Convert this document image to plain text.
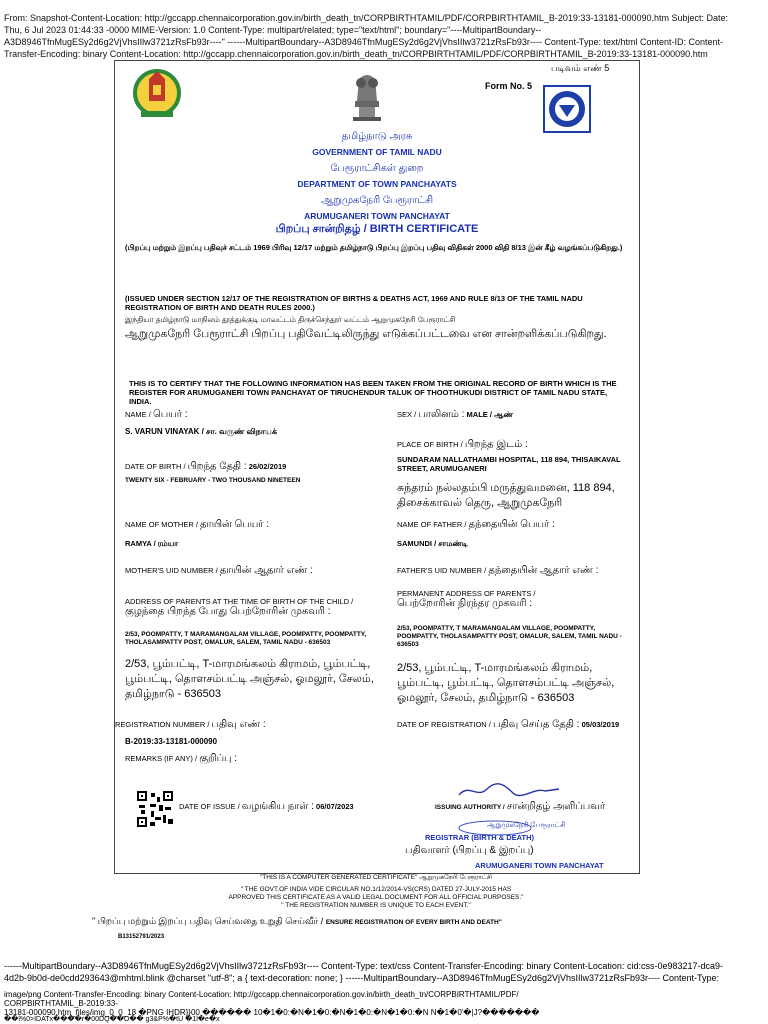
From: Snapshot-Content-Location: http://gccapp.chennaicorporation.gov.in/birth_death_tn/CORPBIRTHTAMIL/PDF/CORPBIRTHTAMIL_B-2019:33-13181-000090.htm Subject: Date:
Thu, 6 Jul 2023 01:44:33 -0000 MIME-Version: 1.0 Content-Type: multipart/related; type="text/html"; boundary="----MultipartBoundary--
A3D8946TfnMugESy2d6g2VjVhsIIlw3721zRsFb93r----" ------MultipartBoundary--A3D8946TfnMugESy2d6g2VjVhsIIlw3721zRsFb93r---- Content-Type: text/html Content-ID: Content-
Transfer-Encoding: binary Content-Location: http://gccapp.chennaicorporation.gov.in/birth_death_tn/CORPBIRTHTAMIL/PDF/CORPBIRTHTAMIL_B-2019:33-13181-000090.htm
படிவம் எண் 5
Form No. 5
தமிழ்நாடு அரசு
GOVERNMENT OF TAMIL NADU
பேரூராட்சிகள் துறை
DEPARTMENT OF TOWN PANCHAYATS
ஆறுமுகநேரி பேரூராட்சி
ARUMUGANERI TOWN PANCHAYAT
பிறப்பு சான்றிதழ் / BIRTH CERTIFICATE
(பிறப்பு மற்றும் இறப்பு பதிவுச் சட்டம் 1969 பிரிவு 12/17 மற்றும் தமிழ்நாடு பிறப்பு இறப்பு பதிவு விதிகள் 2000 விதி 8/13 இன் கீழ் வழங்கப்படுகிறது.)
(ISSUED UNDER SECTION 12/17 OF THE REGISTRATION OF BIRTHS & DEATHS ACT, 1969 AND RULE 8/13 OF THE TAMIL NADU REGISTRATION OF BIRTH AND DEATH RULES 2000.)
இந்தியா தமிழ்நாடு மாநிலம் தூத்துக்குடி மாவட்டம் திருச்செந்தூர் வட்டம் ஆறுமுகநேரி பேரூராட்சி
ஆறுமுகநேரி பேரூராட்சி பிறப்பு பதிவேட்டிலிருந்து எடுக்கப்பட்டவை என சான்றளிக்கப்படுகிறது.
THIS IS TO CERTIFY THAT THE FOLLOWING INFORMATION HAS BEEN TAKEN FROM THE ORIGINAL RECORD OF BIRTH WHICH IS THE REGISTER FOR ARUMUGANERI TOWN PANCHAYAT OF TIRUCHENDUR TALUK OF THOOTHUKUDI DISTRICT OF TAMIL NADU STATE, INDIA.
NAME / பெயர் :
S. VARUN VINAYAK / சா. வருண் விநாயக்
SEX / பாலினம் : MALE / ஆண்
PLACE OF BIRTH / பிறந்த இடம் :
SUNDARAM NALLATHAMBI HOSPITAL, 118 894, THISAIKAVAL STREET, ARUMUGANERI
சுந்தரம் நல்லதம்பி மருத்துவமனை, 118 894, திசைக்காவல் தெரு, ஆறுமுகநேரி
DATE OF BIRTH / பிறந்த தேதி : 26/02/2019
TWENTY SIX - FEBRUARY - TWO THOUSAND NINETEEN
NAME OF MOTHER / தாயின் பெயர் :
RAMYA / ரம்யா
NAME OF FATHER / தந்தையின் பெயர் :
SAMUNDI / சாமண்டி
MOTHER'S UID NUMBER / தாயின் ஆதார் எண் :	FATHER'S UID NUMBER / தந்தையின் ஆதார் எண் :
ADDRESS OF PARENTS AT THE TIME OF BIRTH OF THE CHILD /
குழந்தை பிறந்த போது பெற்றோரின் முகவரி :
2/53, POOMPATTY, T MARAMANGALAM VILLAGE, POOMPATTY, POOMPATTY, THOLASAMPATTY POST, OMALUR, SALEM, TAMIL NADU - 636503
2/53, பூம்பட்டி, T-மாரமங்கலம் கிராமம், பூம்பட்டி, பூம்பட்டி, தொளசம்பட்டி அஞ்சல், ஓமலூர், சேலம், தமிழ்நாடு - 636503
PERMANENT ADDRESS OF PARENTS /
பெற்றோரின் நிரந்தர முகவரி :
2/53, POOMPATTY, T MARAMANGALAM VILLAGE, POOMPATTY, POOMPATTY, THOLASAMPATTY POST, OMALUR, SALEM, TAMIL NADU - 636503
2/53, பூம்பட்டி, T-மாரமங்கலம் கிராமம், பூம்பட்டி, பூம்பட்டி, தொளசம்பட்டி அஞ்சல், ஓமலூர், சேலம், தமிழ்நாடு - 636503
REGISTRATION NUMBER / பதிவு எண் :
B-2019:33-13181-000090
REMARKS (IF ANY) / குறிப்பு :
DATE OF REGISTRATION / பதிவு செய்த தேதி : 05/03/2019
DATE OF ISSUE / வழங்கிய நாள் : 06/07/2023	ISSUING AUTHORITY / சான்றிதழ் அளிப்பவர்
ஆறுமுகநேரி பேரூராட்சி
REGISTRAR (BIRTH & DEATH)
பதிவாளர் (பிறப்பு & இறப்பு)
ARUMUGANERI TOWN PANCHAYAT
"THIS IS A COMPUTER GENERATED CERTIFICATE" ஆறுமுகநேரி பேரூராட்சி
" THE GOVT.OF INDIA VIDE CIRCULAR NO.1/12/2014-VS(CRS) DATED 27-JULY-2015 HAS
APPROVED THIS CERTIFICATE AS A VALID LEGAL DOCUMENT FOR ALL OFFICIAL PURPOSES."
" THE REGISTRATION NUMBER IS UNIQUE TO EACH EVENT."
" பிறப்பு மற்றும் இறப்பு பதிவு செய்வதை உறுதி செய்வீர் / ENSURE REGISTRATION OF EVERY BIRTH AND DEATH"
B13152791/2023
------MultipartBoundary--A3D8946TfnMugESy2d6g2VjVhsIIlw3721zRsFb93r---- Content-Type: text/css Content-Transfer-Encoding: binary Content-Location: cid:css-0e983217-dca9-
4d2b-9b0d-de0cdd293643@mhtml.blink @charset "utf-8"; a { text-decoration: none; } ------MultipartBoundary--A3D8946TfnMugESy2d6g2VjVhsIIlw3721zRsFb93r---- Content-Type:
image/png Content-Transfer-Encoding: binary Content-Location: http://gccapp.chennaicorporation.gov.in/birth_death_tn/CORPBIRTHTAMIL/PDF/
CORPBIRTHTAMIL_B-2019:33-
13181-000090.htm_files/img_0_0_18 �PNG IHDR}}00 ������ 10�1�0:�N�1�0:�N�1�0:�N�1�0:�N N�1�0'�|J?�������
��l%0>IDATx����r�00DQ��O�� g3&P%�tU �1l�e�x
